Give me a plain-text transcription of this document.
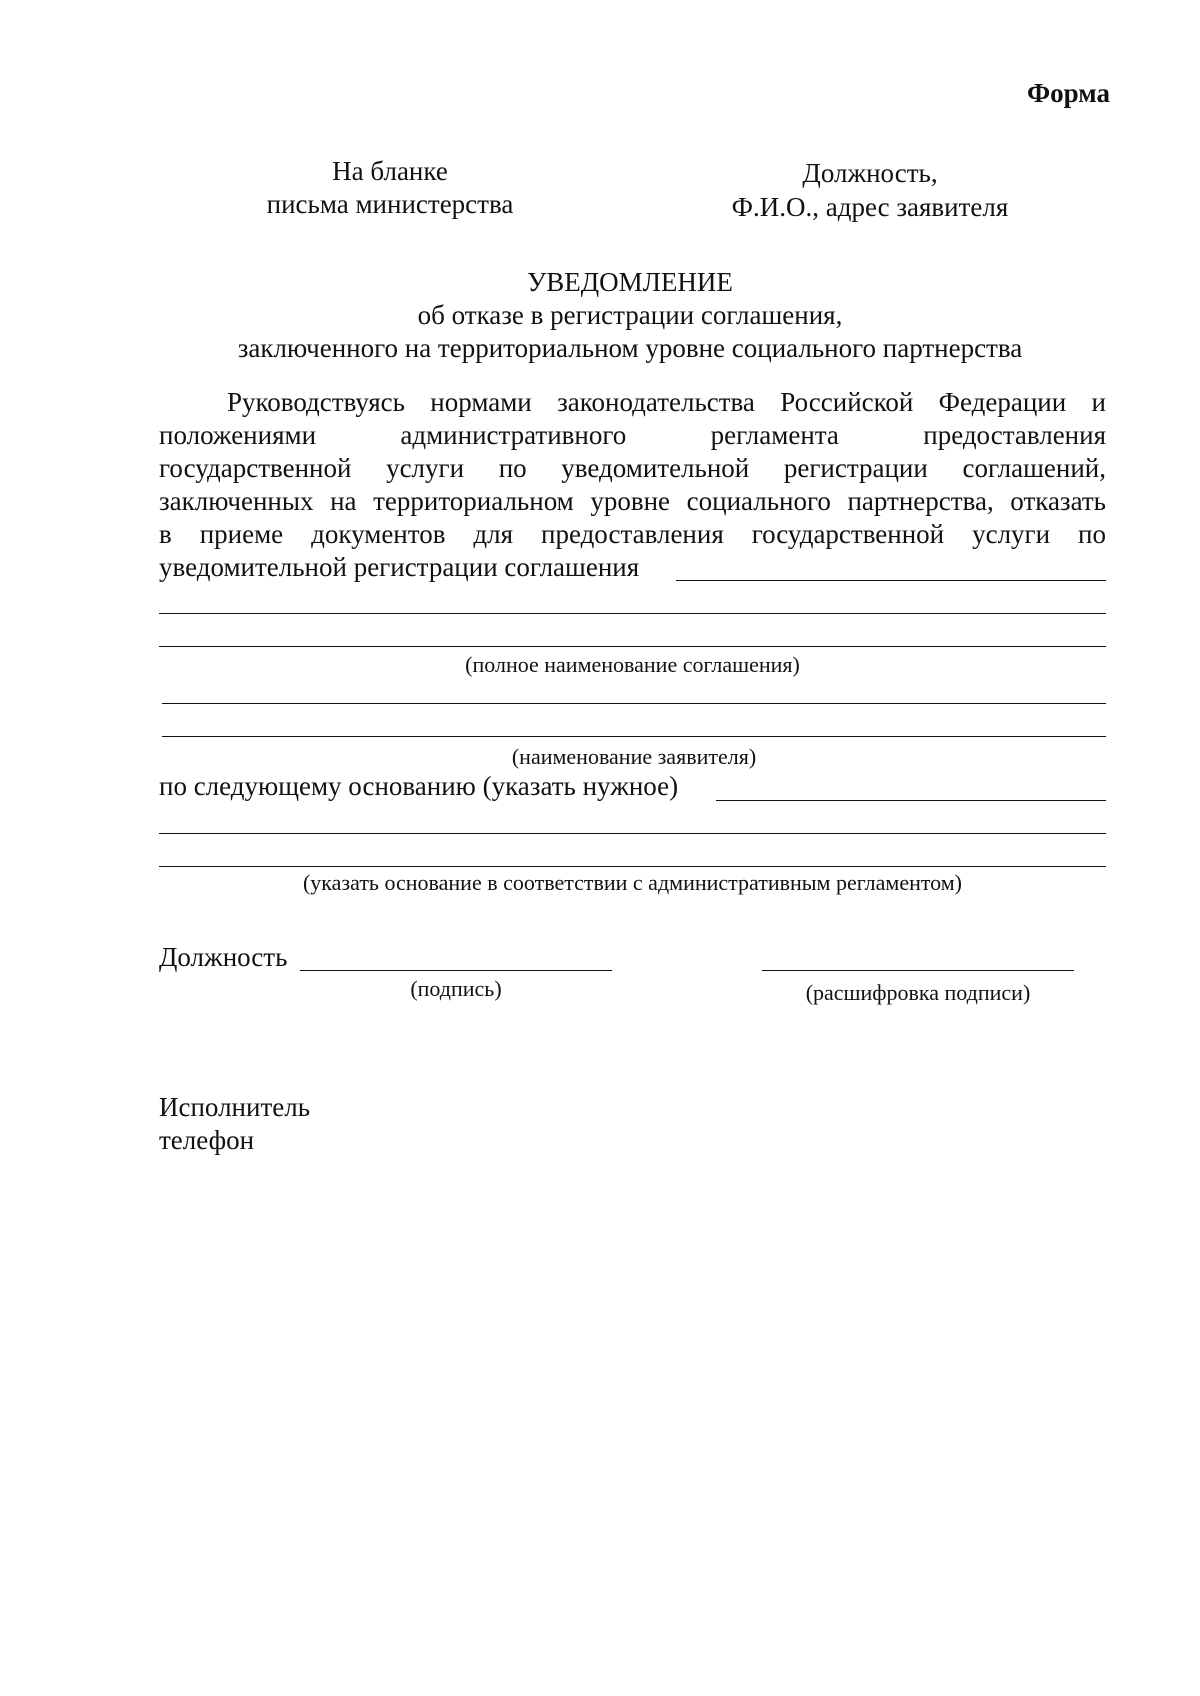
Форма
На бланке
письма министерства
Должность,
Ф.И.О., адрес заявителя
УВЕДОМЛЕНИЕ
об отказе в регистрации соглашения,
заключенного на территориальном уровне социального партнерства
Руководствуясь нормами законодательства Российской Федерации и
положениями административного регламента предоставления
государственной услуги по уведомительной регистрации соглашений,
заключенных на территориальном уровне социального партнерства, отказать
в приеме документов для предоставления государственной услуги по
уведомительной регистрации соглашения
(полное наименование соглашения)
(наименование заявителя)
по следующему основанию (указать нужное)
(указать основание в соответствии с административным регламентом)
Должность
(подпись)	(расшифровка подписи)
Исполнитель
телефон
